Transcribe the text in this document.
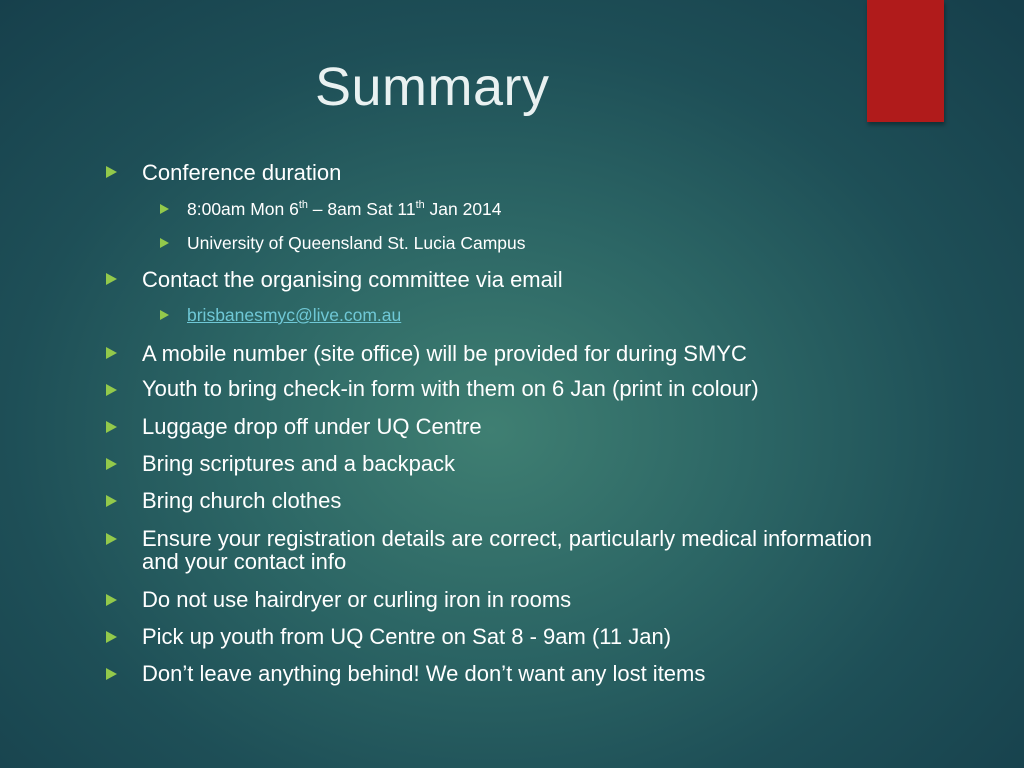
Summary
Conference duration
8:00am Mon 6th – 8am Sat 11th Jan 2014
University of Queensland St. Lucia Campus
Contact the organising committee via email
brisbanesmyc@live.com.au
A mobile number (site office) will be provided for during SMYC
Youth to bring check-in form with them on 6 Jan (print in colour)
Luggage drop off under UQ Centre
Bring scriptures and a backpack
Bring church clothes
Ensure your registration details are correct, particularly medical information and your contact info
Do not use hairdryer or curling iron in rooms
Pick up youth from UQ Centre on Sat 8 - 9am (11 Jan)
Don’t leave anything behind! We don’t want any lost items
